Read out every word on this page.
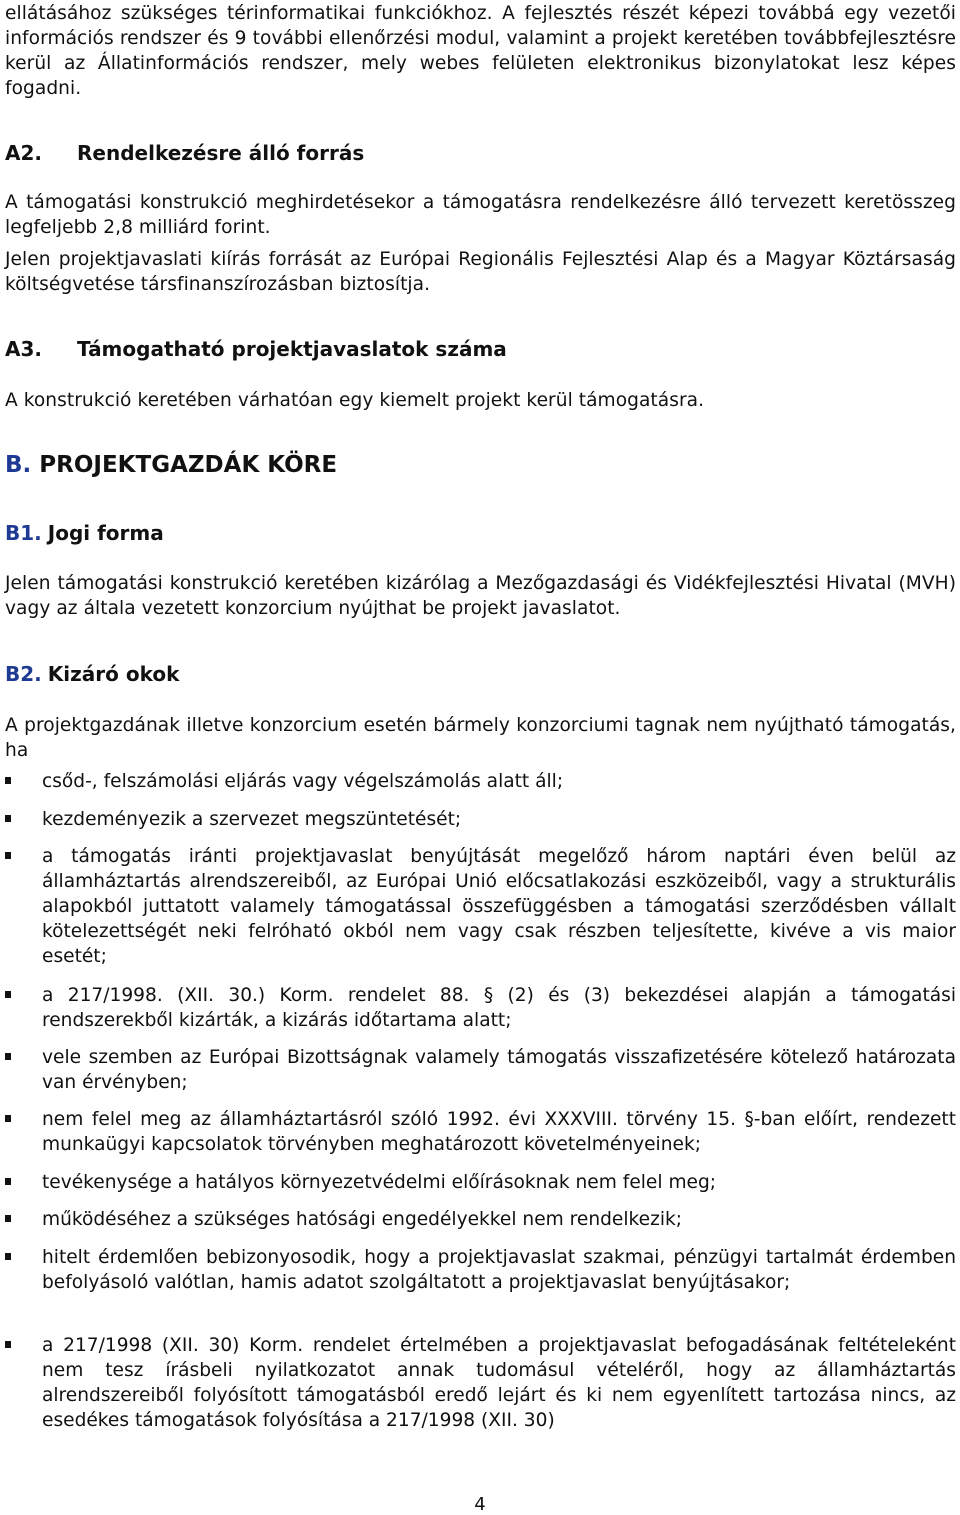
ellátásához szükséges térinformatikai funkciókhoz. A fejlesztés részét képezi továbbá egy vezetői információs rendszer és 9 további ellenőrzési modul, valamint a projekt keretében továbbfejlesztésre kerül az Állatinformációs rendszer, mely webes felületen elektronikus bizonylatokat lesz képes fogadni.

A2.	Rendelkezésre álló forrás

A támogatási konstrukció meghirdetésekor a támogatásra rendelkezésre álló tervezett keretösszeg legfeljebb 2,8 milliárd forint.

Jelen projektjavaslati kiírás forrását az Európai Regionális Fejlesztési Alap és a Magyar Köztársaság költségvetése társfinanszírozásban biztosítja.

A3.	Támogatható projektjavaslatok száma

A konstrukció keretében várhatóan egy kiemelt projekt kerül támogatásra.

B. PROJEKTGAZDÁK KÖRE
B1. Jogi forma

Jelen támogatási konstrukció keretében kizárólag a Mezőgazdasági és Vidékfejlesztési Hivatal (MVH) vagy az általa vezetett konzorcium nyújthat be projekt javaslatot.

B2. Kizáró okok

A projektgazdának illetve konzorcium esetén bármely konzorciumi tagnak nem nyújtható támogatás, ha

csőd-, felszámolási eljárás vagy végelszámolás alatt áll;
kezdeményezik a szervezet megszüntetését;
a támogatás iránti projektjavaslat benyújtását megelőző három naptári éven belül az államháztartás alrendszereiből, az Európai Unió előcsatlakozási eszközeiből, vagy a strukturális alapokból juttatott valamely támogatással összefüggésben a támogatási szerződésben vállalt kötelezettségét neki felróható okból nem vagy csak részben teljesítette, kivéve a vis maior esetét;
a 217/1998. (XII. 30.) Korm. rendelet 88. § (2) és (3) bekezdései alapján a támogatási rendszerekből kizárták, a kizárás időtartama alatt;
vele szemben az Európai Bizottságnak valamely támogatás visszafizetésére kötelező határozata van érvényben;
nem felel meg az államháztartásról szóló 1992. évi XXXVIII. törvény 15. §-ban előírt, rendezett munkaügyi kapcsolatok törvényben meghatározott követelményeinek;
tevékenysége a hatályos környezetvédelmi előírásoknak nem felel meg;
működéséhez a szükséges hatósági engedélyekkel nem rendelkezik;
hitelt érdemlően bebizonyosodik, hogy a projektjavaslat szakmai, pénzügyi tartalmát érdemben befolyásoló valótlan, hamis adatot szolgáltatott a projektjavaslat benyújtásakor;
a 217/1998 (XII. 30) Korm. rendelet értelmében a projektjavaslat befogadásának feltételeként nem tesz írásbeli nyilatkozatot annak tudomásul vételéről, hogy az államháztartás alrendszereiből folyósított támogatásból eredő lejárt és ki nem egyenlített tartozása nincs, az esedékes támogatások folyósítása a 217/1998 (XII. 30)
4
